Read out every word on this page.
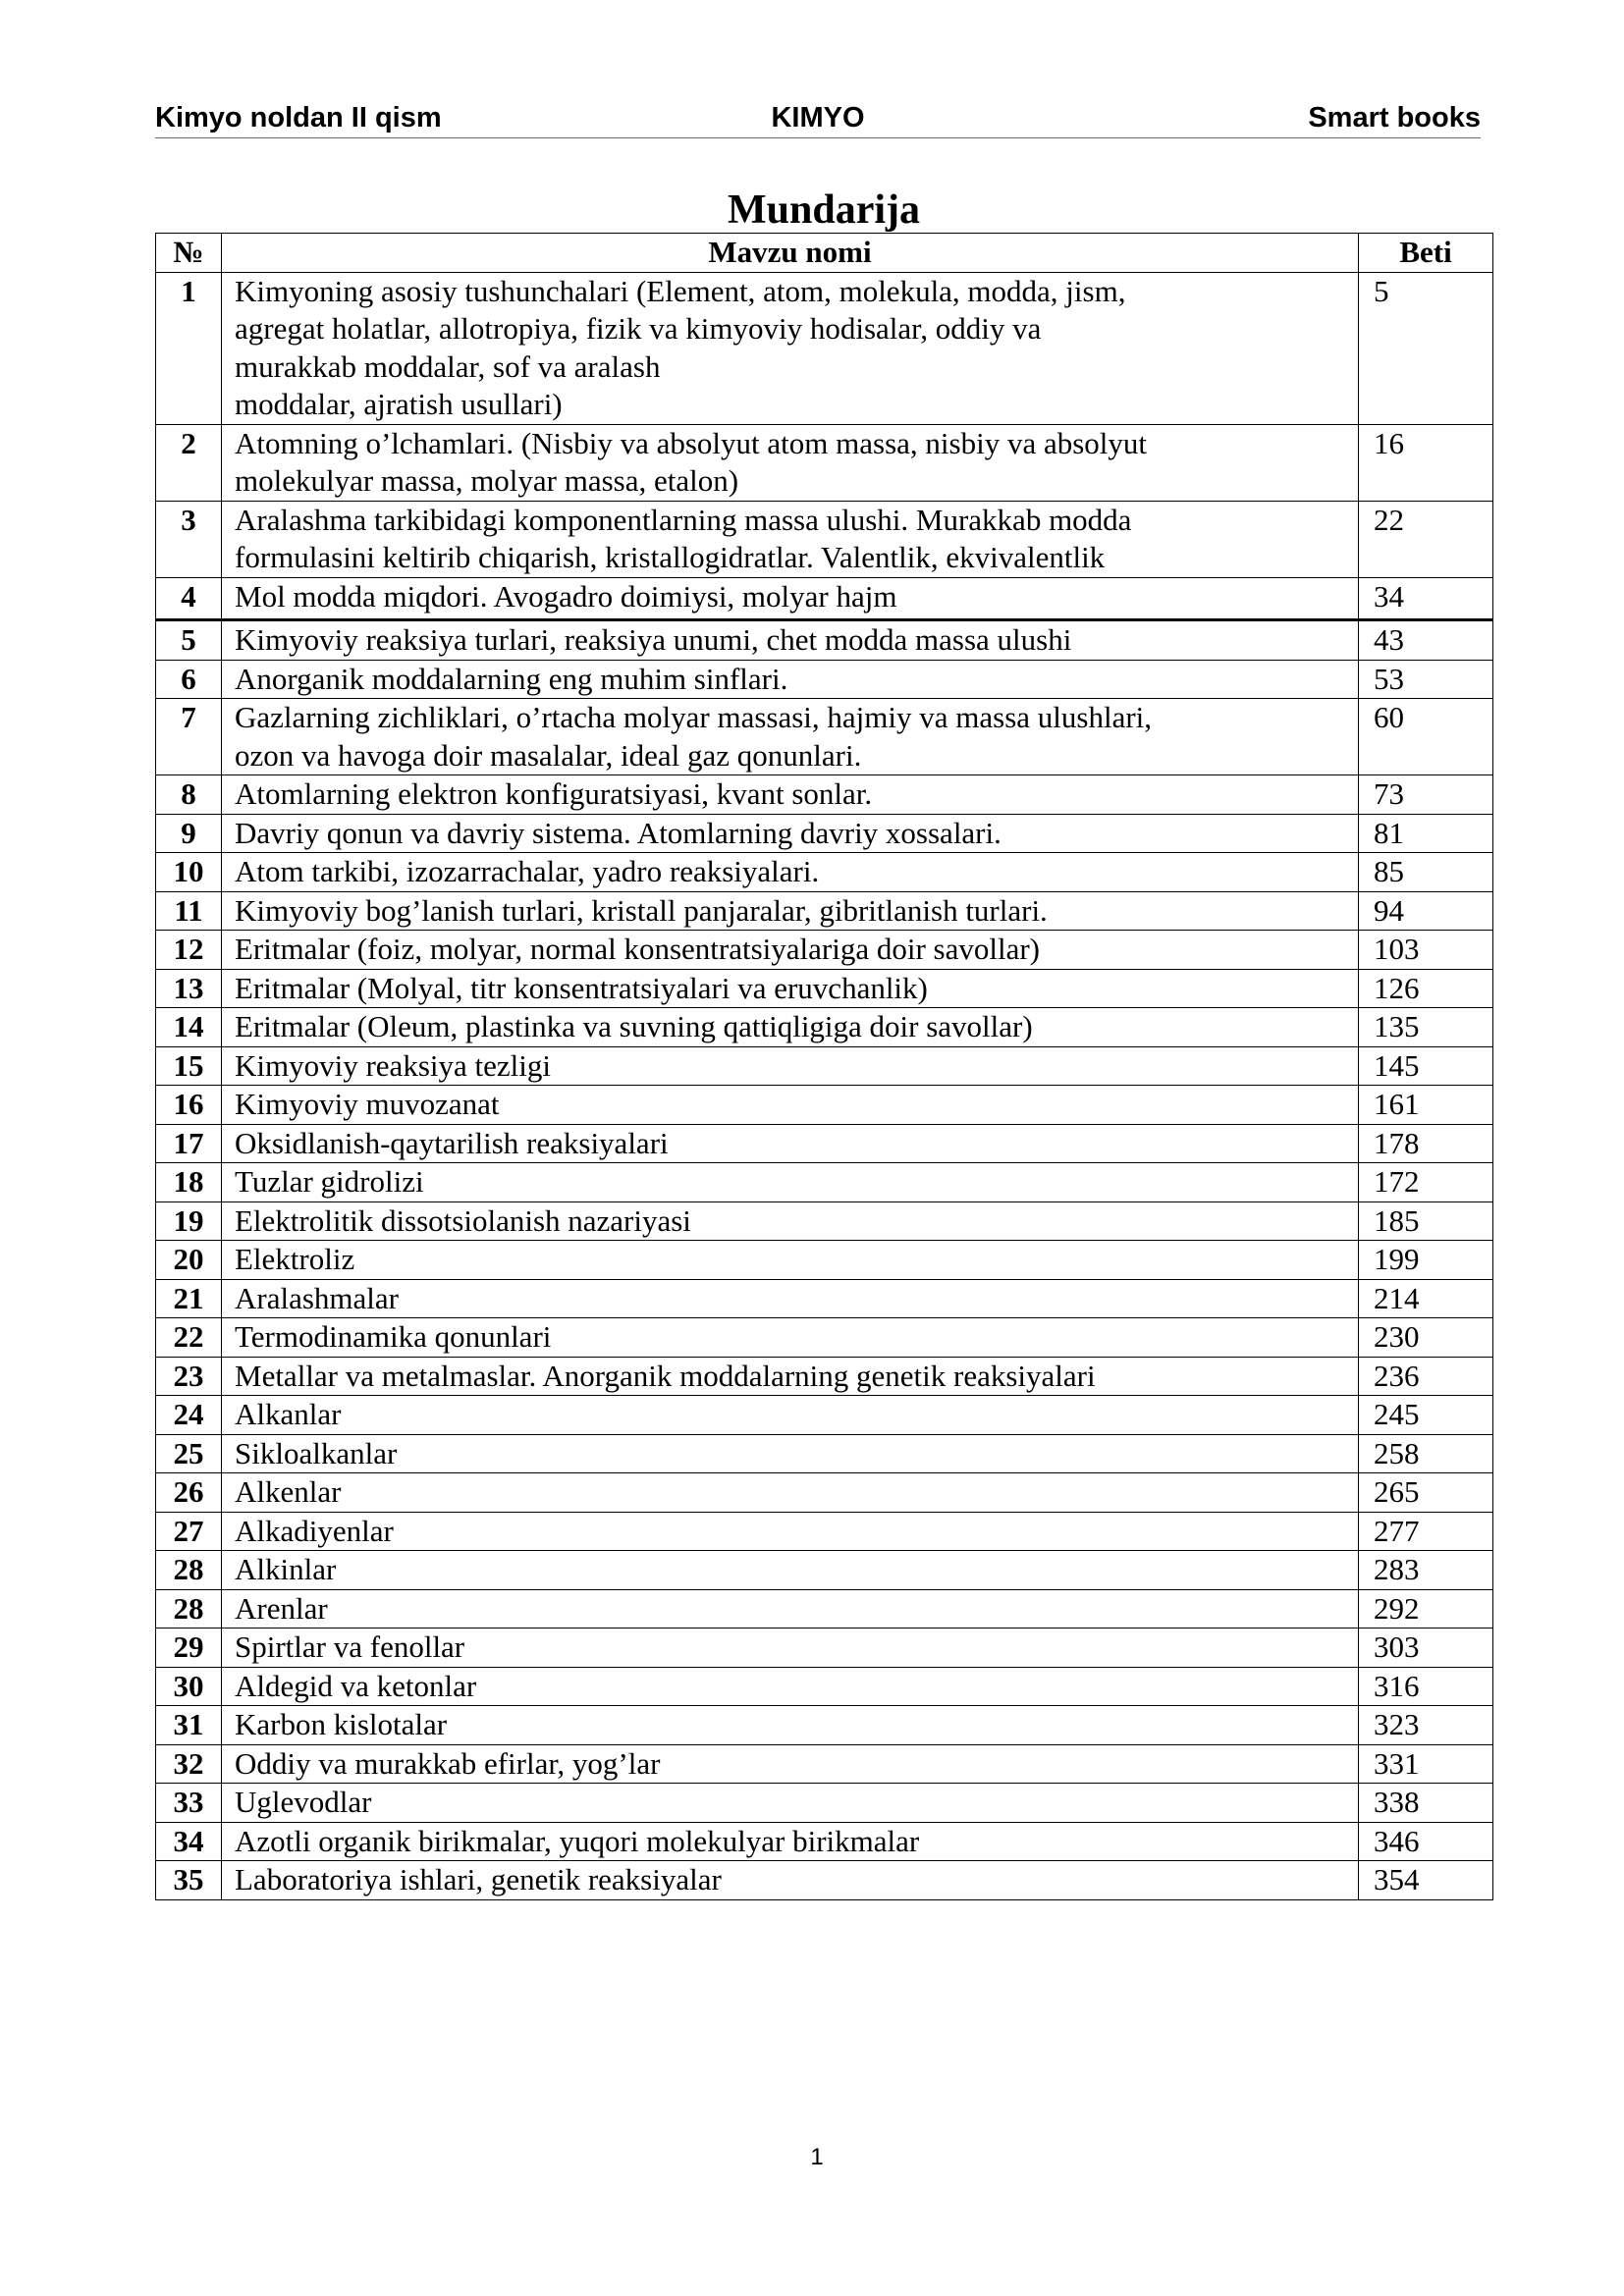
Kimyo noldan II qism	KIMYO	Smart books
Mundarija
№	Mavzu nomi	Beti
1	Kimyoning asosiy tushunchalari (Element, atom, molekula, modda, jism,
agregat holatlar, allotropiya, fizik va kimyoviy hodisalar, oddiy va
murakkab moddalar, sof va aralash
moddalar, ajratish usullari)	5
2	Atomning o’lchamlari. (Nisbiy va absolyut atom massa, nisbiy va absolyut
molekulyar massa, molyar massa, etalon)	16
3	Aralashma tarkibidagi komponentlarning massa ulushi. Murakkab modda
formulasini keltirib chiqarish, kristallogidratlar. Valentlik, ekvivalentlik	22
4	Mol modda miqdori. Avogadro doimiysi, molyar hajm	34
5	Kimyoviy reaksiya turlari, reaksiya unumi, chet modda massa ulushi	43
6	Anorganik moddalarning eng muhim sinflari.	53
7	Gazlarning zichliklari, o’rtacha molyar massasi, hajmiy va massa ulushlari,
ozon va havoga doir masalalar, ideal gaz qonunlari.	60
8	Atomlarning elektron konfiguratsiyasi, kvant sonlar.	73
9	Davriy qonun va davriy sistema. Atomlarning davriy xossalari.	81
10	Atom tarkibi, izozarrachalar, yadro reaksiyalari.	85
11	Kimyoviy bog’lanish turlari, kristall panjaralar, gibritlanish turlari.	94
12	Eritmalar (foiz, molyar, normal konsentratsiyalariga doir savollar)	103
13	Eritmalar (Molyal, titr konsentratsiyalari va eruvchanlik)	126
14	Eritmalar (Oleum, plastinka va suvning qattiqligiga doir savollar)	135
15	Kimyoviy reaksiya tezligi	145
16	Kimyoviy muvozanat	161
17	Oksidlanish-qaytarilish reaksiyalari	178
18	Tuzlar gidrolizi	172
19	Elektrolitik dissotsiolanish nazariyasi	185
20	Elektroliz	199
21	Aralashmalar	214
22	Termodinamika qonunlari	230
23	Metallar va metalmaslar. Anorganik moddalarning genetik reaksiyalari	236
24	Alkanlar	245
25	Sikloalkanlar	258
26	Alkenlar	265
27	Alkadiyenlar	277
28	Alkinlar	283
28	Arenlar	292
29	Spirtlar va fenollar	303
30	Aldegid va ketonlar	316
31	Karbon kislotalar	323
32	Oddiy va murakkab efirlar, yog’lar	331
33	Uglevodlar	338
34	Azotli organik birikmalar, yuqori molekulyar birikmalar	346
35	Laboratoriya ishlari, genetik reaksiyalar	354
1
